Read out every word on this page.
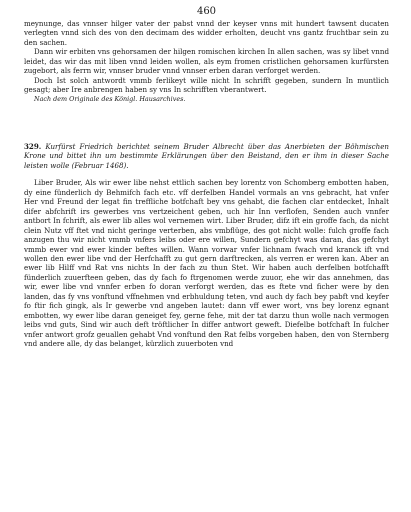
460

meynunge, das vnnser hilger vater der pabst vnnd der keyser vnns mit hundert tawsent ducaten verlegten vnnd sich des von den decimam des widder erholten, deucht vns gantz fruchtbar sein zu den sachen.

Dann wir erbiten vns gehorsamen der hilgen romischen kirchen In allen sachen, was sy libet vnnd leidet, das wir das mit liben vnnd leiden wollen, als eym fromen cristlichen gehorsamen kurfürsten zugebort, als ferrn wir, vnnser bruder vnnd vnnser erben daran verforget werden.

Doch Ist solch antwordt vmmb ferlikeyt wille nicht In schrifft gegeben, sundern In muntlich gesagt; aber Ire anbrengen haben sy vns In schrifften vberantwert.

Nach dem Originale des Königl. Hausarchives.
329. Kurfürst Friedrich berichtet seinem Bruder Albrecht über das Anerbieten der Böhmischen Krone und bittet ihn um bestimmte Erklärungen über den Beistand, den er ihm in dieser Sache leisten wolle (Februar 1468).

Liber Bruder, Als wir ewer libe nehst ettlich sachen bey lorentz von Schomberg embotten haben, dy eine fünderlich dy Behmifch fach etc. vff derfelben Handel vormals an vns gebracht, hat vnfer Her vnd Freund der legat fin treffliche botfchaft bey vns gehabt, die fachen clar entdecket, Inhalt difer abfchrift irs gewerbes vns vertzeichent geben, uch hir Inn verflofen, Senden auch vnnfer antbort In fchrift, als ewer lib alles wol vernemen wirt. Liber Bruder, difz ift ein groffe fach, da nicht clein Nutz vff ftet vnd nicht geringe verterben, abs vmbflüge, des got nicht wolle: fulch groffe fach anzugen thu wir nicht vmmb vnfers leibs oder ere willen, Sundern gefchyt was daran, das gefchyt vmmb ewer vnd ewer kinder beftes willen. Wann vorwar vnfer lichnam fwach vnd kranck ift vnd wollen den ewer libe vnd der Herfchafft zu gut gern darftrecken, als verren er weren kan. Aber an ewer lib Hilff vnd Rat vns nichts In der fach zu thun Stet. Wir haben auch derfelben botfchafft fünderlich zuuerfteen geben, das dy fach fo ftrgenomen werde zuuor, ehe wir das annehmen, das wir, ewer libe vnd vnnfer erben fo doran verforgt werden, das es ftete vnd ficher were by den landen, das fy vns vonftund vffnehmen vnd erbhuldung teten, vnd auch dy fach bey pabft vnd keyfer fo ftir fich gingk, als Ir gewerbe vnd angeben lautet: dann vff ewer wort, vns bey lorenz egnant embotten, wy ewer libe daran geneiget fey, gerne fehe, mit der tat darzu thun wolle nach vermogen leibs vnd guts, Sind wir auch deft tröftlicher In differ antwort geweft. Diefelbe botfchaft In fulcher vnfer antwort grofz geuallen gehabt Vnd vonftund den Rat felbs vorgeben haben, den von Sternberg vnd andere alle, dy das belanget, kürzlich zuuerboten vnd
